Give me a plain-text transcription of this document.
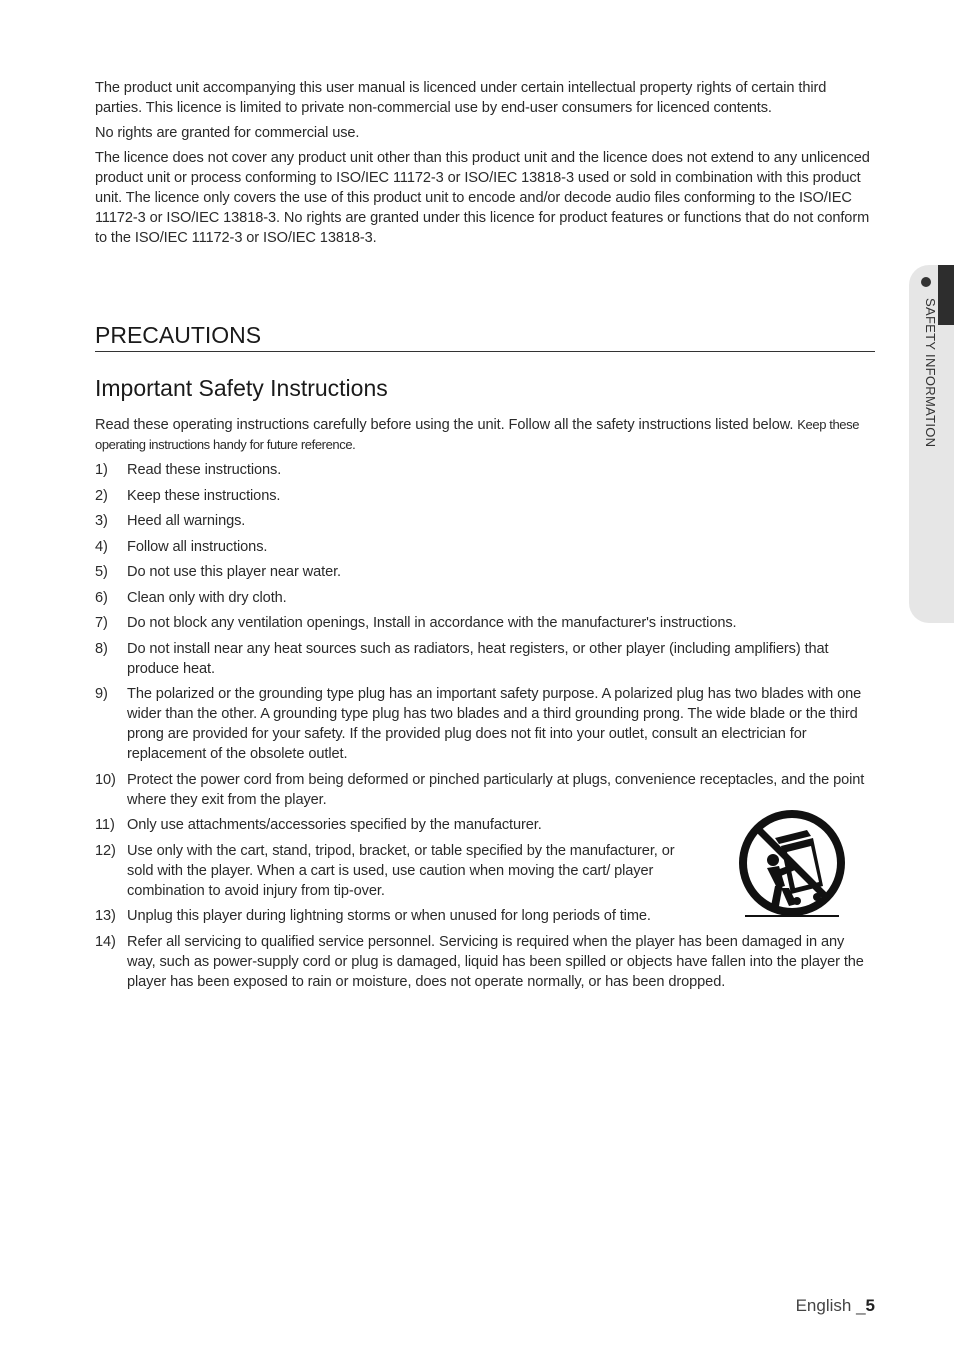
The product unit accompanying this user manual is licenced under certain intellectual property rights of certain third parties. This licence is limited to private non-commercial use by end-user consumers for licenced contents.

No rights are granted for commercial use.

The licence does not cover any product unit other than this product unit and the licence does not extend to any unlicenced product unit or process conforming to ISO/IEC 11172-3 or ISO/IEC 13818-3 used or sold in combination with this product unit. The licence only covers the use of this product unit to encode and/or decode audio files conforming to the ISO/IEC 11172-3 or ISO/IEC 13818-3. No rights are granted under this licence for product features or functions that do not conform to the ISO/IEC 11172-3 or ISO/IEC 13818-3.

PRECAUTIONS
Important Safety Instructions
Read these operating instructions carefully before using the unit. Follow all the safety instructions listed below. Keep these operating instructions handy for future reference.
1) Read these instructions.
2) Keep these instructions.
3) Heed all warnings.
4) Follow all instructions.
5) Do not use this player near water.
6) Clean only with dry cloth.
7) Do not block any ventilation openings, Install in accordance with the manufacturer's instructions.
8) Do not install near any heat sources such as radiators, heat registers, or other player (including amplifiers) that produce heat.
9) The polarized or the grounding type plug has an important safety purpose. A polarized plug has two blades with one wider than the other. A grounding type plug has two blades and a third grounding prong. The wide blade or the third prong are provided for your safety. If the provided plug does not fit into your outlet, consult an electrician for replacement of the obsolete outlet.
10) Protect the power cord from being deformed or pinched particularly at plugs, convenience receptacles, and the point where they exit from the player.
11) Only use attachments/accessories specified by the manufacturer.
12) Use only with the cart, stand, tripod, bracket, or table specified by the manufacturer, or sold with the player. When a cart is used, use caution when moving the cart/ player combination to avoid injury from tip-over.
13) Unplug this player during lightning storms or when unused for long periods of time.
14) Refer all servicing to qualified service personnel. Servicing is required when the player has been damaged in any way, such as power-supply cord or plug is damaged, liquid has been spilled or objects have fallen into the player the player has been exposed to rain or moisture, does not operate normally, or has been dropped.
SAFETY INFORMATION
English _5
